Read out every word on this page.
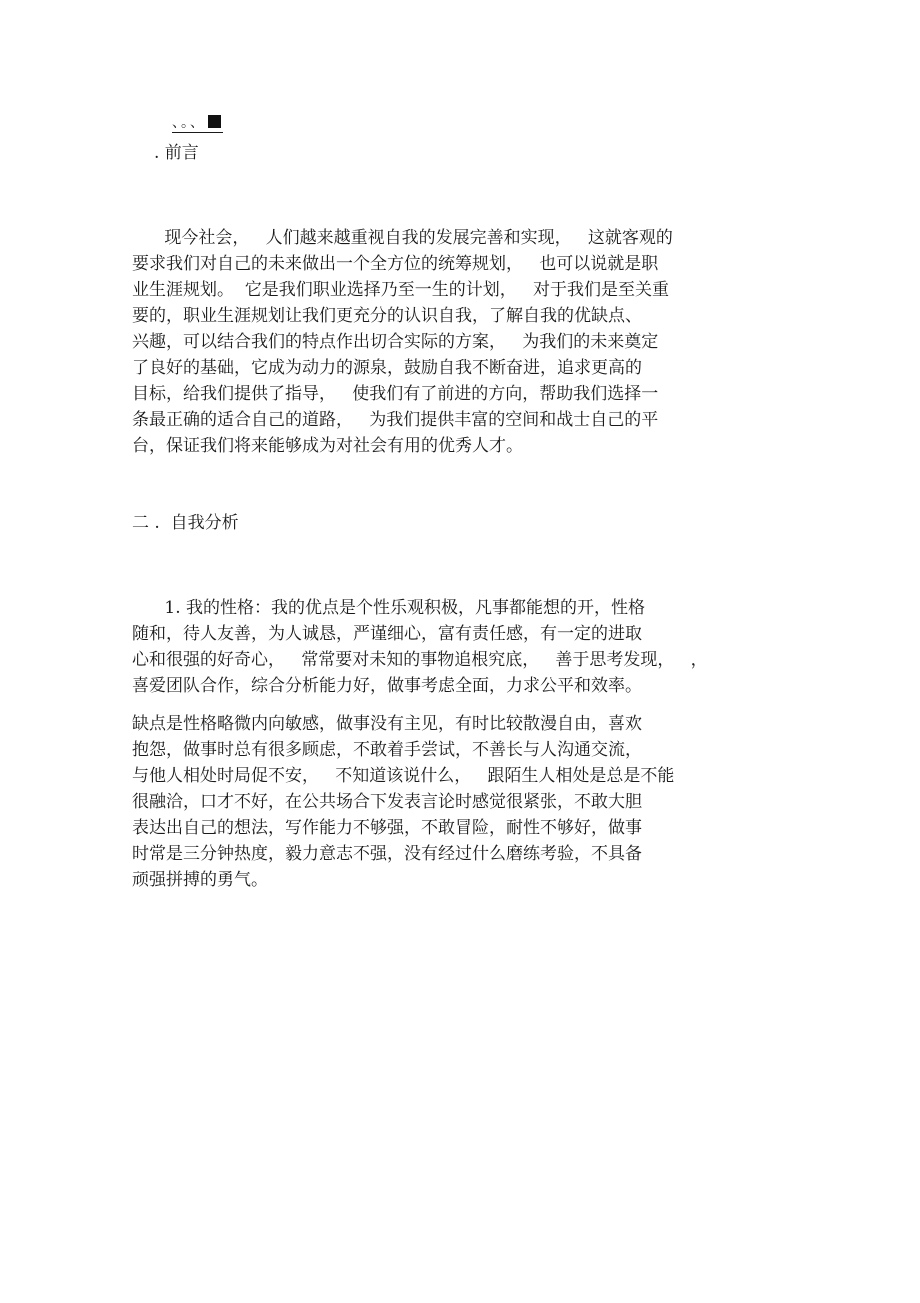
、。、
. 前言
现今社会，   人们越来越重视自我的发展完善和实现，   这就客观的
要求我们对自己的未来做出一个全方位的统筹规划，   也可以说就是职
业生涯规划。  它是我们职业选择乃至一生的计划，   对于我们是至关重
要的，职业生涯规划让我们更充分的认识自我，了解自我的优缺点、
兴趣，可以结合我们的特点作出切合实际的方案，   为我们的未来奠定
了良好的基础，它成为动力的源泉，鼓励自我不断奋进，追求更高的
目标，给我们提供了指导，   使我们有了前进的方向，帮助我们选择一
条最正确的适合自己的道路，   为我们提供丰富的空间和战士自己的平
台，保证我们将来能够成为对社会有用的优秀人才。
二 .  自我分析
1. 我的性格：我的优点是个性乐观积极，凡事都能想的开，性格
随和，待人友善，为人诚恳，严谨细心，富有责任感，有一定的进取
心和很强的好奇心，   常常要对未知的事物追根究底，   善于思考发现，   ，
喜爱团队合作，综合分析能力好，做事考虑全面，力求公平和效率。
缺点是性格略微内向敏感，做事没有主见，有时比较散漫自由，喜欢
抱怨，做事时总有很多顾虑，不敢着手尝试，不善长与人沟通交流，
与他人相处时局促不安，   不知道该说什么，   跟陌生人相处是总是不能
很融洽，口才不好，在公共场合下发表言论时感觉很紧张，不敢大胆
表达出自己的想法，写作能力不够强，不敢冒险，耐性不够好，做事
时常是三分钟热度，毅力意志不强，没有经过什么磨练考验，不具备
顽强拼搏的勇气。
